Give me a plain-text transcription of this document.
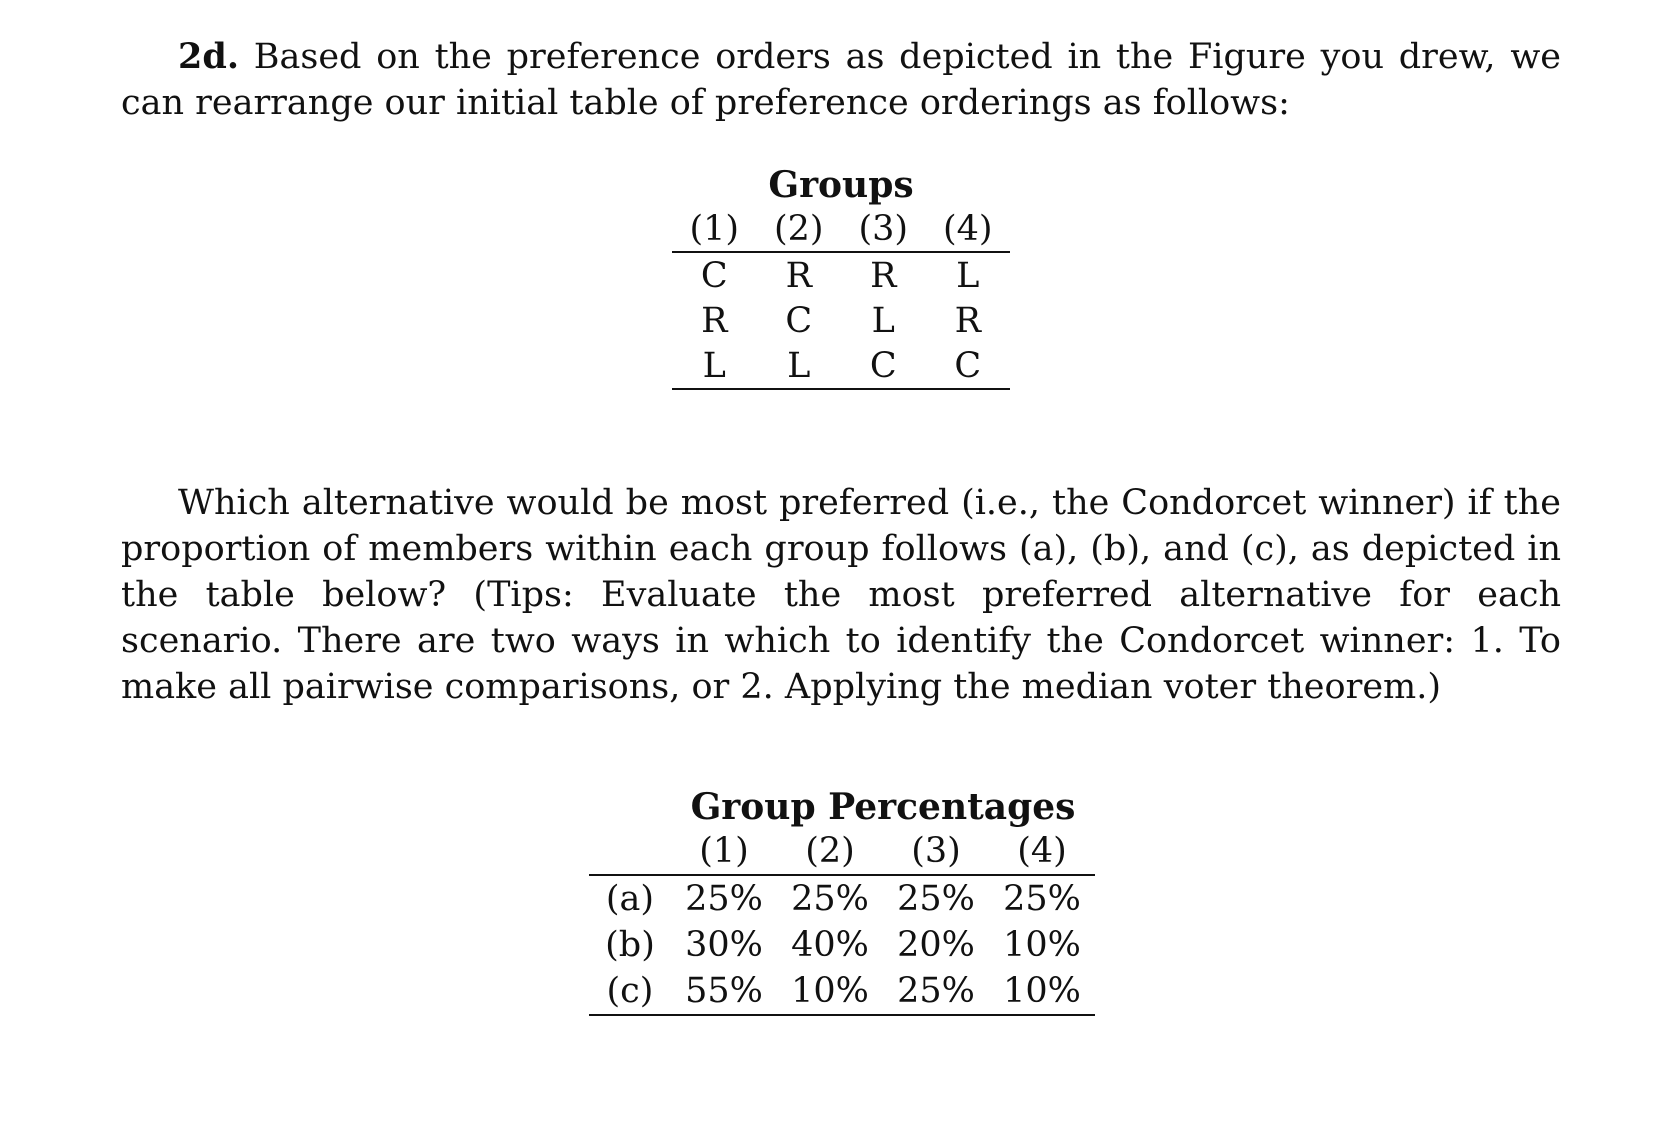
2d. Based on the preference orders as depicted in the Figure you drew, we can rearrange our initial table of preference orderings as follows:

Groups			
(1)	(2)	(3)	(4)
C	R	R	L
R	C	L	R
L	L	C	C

Which alternative would be most preferred (i.e., the Condorcet winner) if the proportion of members within each group follows (a), (b), and (c), as depicted in the table below? (Tips: Evaluate the most preferred alternative for each scenario. There are two ways in which to identify the Condorcet winner: 1. To make all pairwise comparisons, or 2. Applying the median voter theorem.)

	Group Percentages			
	(1)	(2)	(3)	(4)
(a)	25%	25%	25%	25%
(b)	30%	40%	20%	10%
(c)	55%	10%	25%	10%
